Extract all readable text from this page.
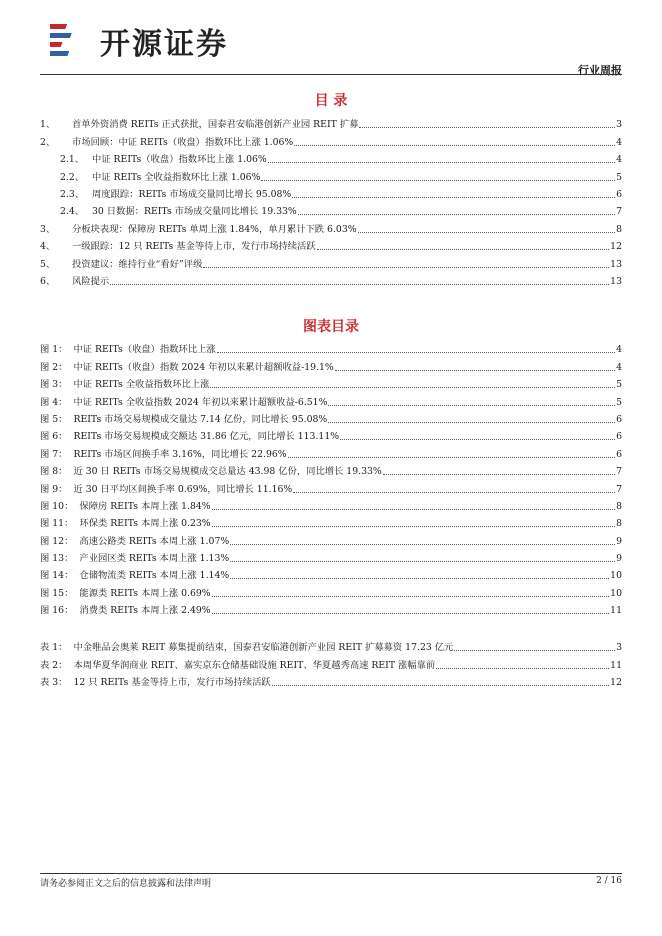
开源证券
行业周报
目 录
1、 首单外资消费 REITs 正式获批，国泰君安临港创新产业园 REIT 扩募	3
2、 市场回顾：中证 REITs（收盘）指数环比上涨 1.06%	4
2.1、 中证 REITs（收盘）指数环比上涨 1.06%	4
2.2、 中证 REITs 全收益指数环比上涨 1.06%	5
2.3、 周度跟踪：REITs 市场成交量同比增长 95.08%	6
2.4、 30 日数据：REITs 市场成交量同比增长 19.33%	7
3、 分板块表现：保障房 REITs 单周上涨 1.84%，单月累计下跌 6.03%	8
4、 一级跟踪：12 只 REITs 基金等待上市，发行市场持续活跃	12
5、 投资建议：维持行业“看好”评级	13
6、 风险提示	13
图表目录
图 1： 中证 REITs（收盘）指数环比上涨	4
图 2： 中证 REITs（收盘）指数 2024 年初以来累计超额收益-19.1%	4
图 3： 中证 REITs 全收益指数环比上涨	5
图 4： 中证 REITs 全收益指数 2024 年初以来累计超额收益-6.51%	5
图 5： REITs 市场交易规模成交量达 7.14 亿份，同比增长 95.08%	6
图 6： REITs 市场交易规模成交额达 31.86 亿元，同比增长 113.11%	6
图 7： REITs 市场区间换手率 3.16%，同比增长 22.96%	6
图 8： 近 30 日 REITs 市场交易规模成交总量达 43.98 亿份，同比增长 19.33%	7
图 9： 近 30 日平均区间换手率 0.69%，同比增长 11.16%	7
图 10： 保障房 REITs 本周上涨 1.84%	8
图 11： 环保类 REITs 本周上涨 0.23%	8
图 12： 高速公路类 REITs 本周上涨 1.07%	9
图 13： 产业园区类 REITs 本周上涨 1.13%	9
图 14： 仓储物流类 REITs 本周上涨 1.14%	10
图 15： 能源类 REITs 本周上涨 0.69%	10
图 16： 消费类 REITs 本周上涨 2.49%	11
表 1： 中金唯品会奥莱 REIT 募集提前结束，国泰君安临港创新产业园 REIT 扩募募资 17.23 亿元	3
表 2： 本周华夏华润商业 REIT、嘉实京东仓储基础设施 REIT、华夏越秀高速 REIT 涨幅靠前	11
表 3： 12 只 REITs 基金等待上市，发行市场持续活跃	12
请务必参阅正文之后的信息披露和法律声明	2 / 16
